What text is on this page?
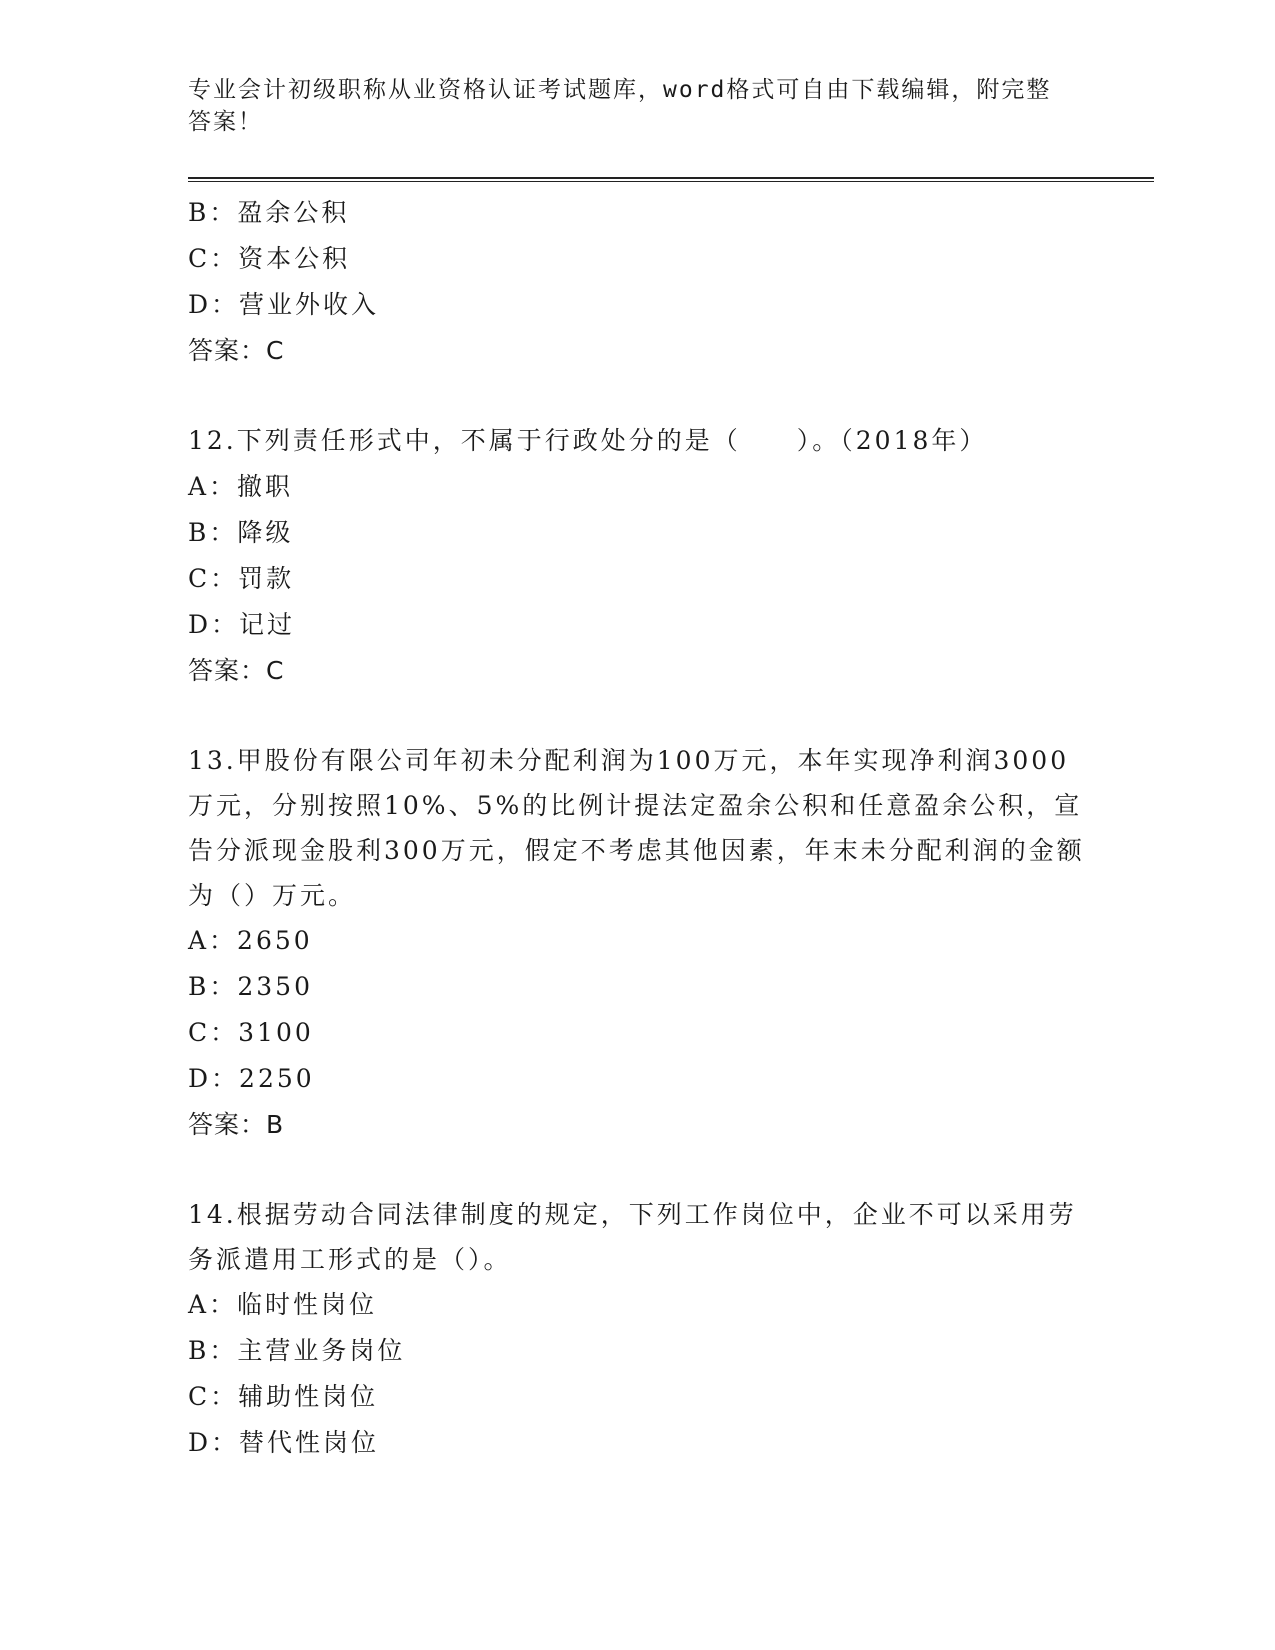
专业会计初级职称从业资格认证考试题库，word格式可自由下载编辑，附完整答案！
B：盈余公积
C：资本公积
D：营业外收入
答案：C
12.下列责任形式中，不属于行政处分的是（　　）。（2018年）
A：撤职
B：降级
C：罚款
D：记过
答案：C
13.甲股份有限公司年初未分配利润为100万元，本年实现净利润3000万元，分别按照10%、5%的比例计提法定盈余公积和任意盈余公积，宣告分派现金股利300万元，假定不考虑其他因素，年末未分配利润的金额为（）万元。
A：2650
B：2350
C：3100
D：2250
答案：B
14.根据劳动合同法律制度的规定，下列工作岗位中，企业不可以采用劳务派遣用工形式的是（）。
A：临时性岗位
B：主营业务岗位
C：辅助性岗位
D：替代性岗位
